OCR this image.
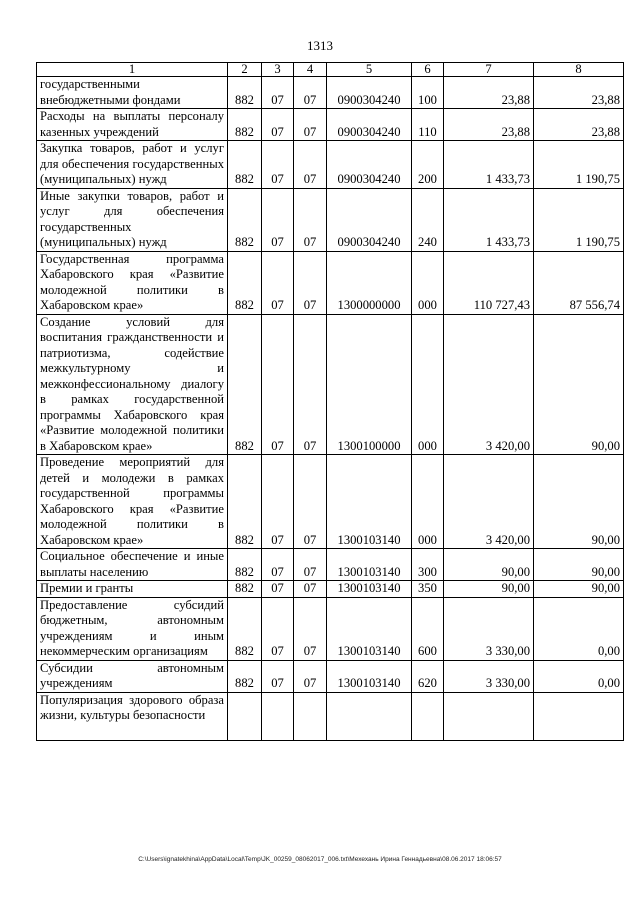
1313
1	2	3	4	5	6	7	8
государственными внебюджетными фондами	882	07	07	0900304240	100	23,88	23,88
Расходы на выплаты персоналу казенных учреждений	882	07	07	0900304240	110	23,88	23,88
Закупка товаров, работ и услуг для обеспечения государственных (муниципальных) нужд	882	07	07	0900304240	200	1 433,73	1 190,75
Иные закупки товаров, работ и услуг для обеспечения государственных (муниципальных) нужд	882	07	07	0900304240	240	1 433,73	1 190,75
Государственная программа Хабаровского края «Развитие молодежной политики в Хабаровском крае»	882	07	07	1300000000	000	110 727,43	87 556,74
Создание условий для воспитания гражданственности и патриотизма, содействие межкультурному и межконфессиональному диалогу в рамках государственной программы Хабаровского края «Развитие молодежной политики в Хабаровском крае»	882	07	07	1300100000	000	3 420,00	90,00
Проведение мероприятий для детей и молодежи в рамках государственной программы Хабаровского края «Развитие молодежной политики в Хабаровском крае»	882	07	07	1300103140	000	3 420,00	90,00
Социальное обеспечение и иные выплаты населению	882	07	07	1300103140	300	90,00	90,00
Премии и гранты	882	07	07	1300103140	350	90,00	90,00
Предоставление субсидий бюджетным, автономным учреждениям и иным некоммерческим организациям	882	07	07	1300103140	600	3 330,00	0,00
Субсидии автономным учреждениям	882	07	07	1300103140	620	3 330,00	0,00
Популяризация здорового образа жизни, культуры безопасности							
C:\Users\ignatekhina\AppData\Local\Temp\JK_00259_08062017_006.txt\Мехехань Ирина Геннадьевна\08.06.2017 18:06:57
